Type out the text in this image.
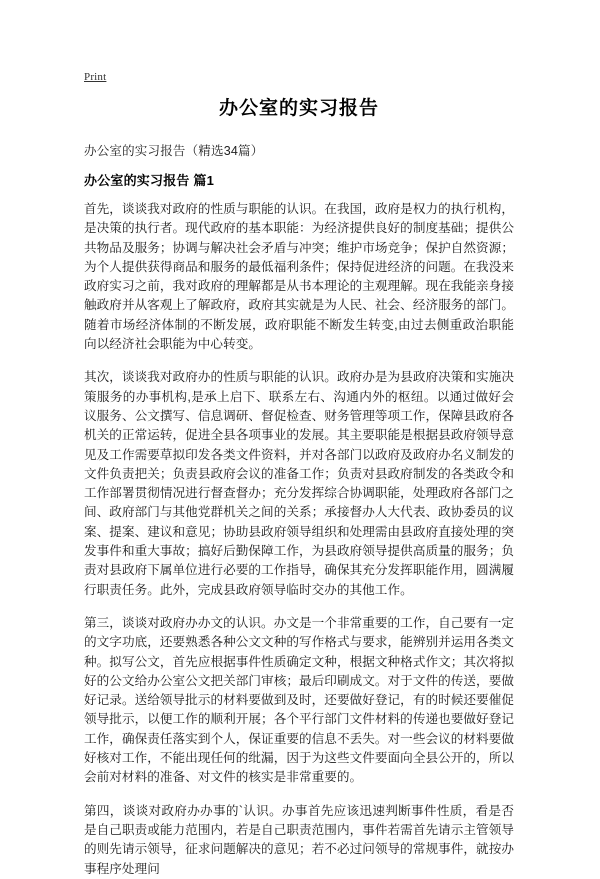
Print
办公室的实习报告

办公室的实习报告（精选34篇）

办公室的实习报告 篇1

首先，谈谈我对政府的性质与职能的认识。在我国，政府是权力的执行机构，是决策的执行者。现代政府的基本职能：为经济提供良好的制度基础；提供公共物品及服务；协调与解决社会矛盾与冲突；维护市场竞争；保护自然资源；为个人提供获得商品和服务的最低福利条件；保持促进经济的问题。在我没来政府实习之前，我对政府的理解都是从书本理论的主观理解。现在我能亲身接触政府并从客观上了解政府，政府其实就是为人民、社会、经济服务的部门。随着市场经济体制的不断发展，政府职能不断发生转变,由过去侧重政治职能向以经济社会职能为中心转变。

其次，谈谈我对政府办的性质与职能的认识。政府办是为县政府决策和实施决策服务的办事机构,是承上启下、联系左右、沟通内外的枢纽。以通过做好会议服务、公文撰写、信息调研、督促检查、财务管理等项工作，保障县政府各机关的正常运转，促进全县各项事业的发展。其主要职能是根据县政府领导意见及工作需要草拟印发各类文件资料，并对各部门以政府及政府办名义制发的文件负责把关；负责县政府会议的准备工作；负责对县政府制发的各类政令和工作部署贯彻情况进行督查督办；充分发挥综合协调职能，处理政府各部门之间、政府部门与其他党群机关之间的关系；承接督办人大代表、政协委员的议案、提案、建议和意见；协助县政府领导组织和处理需由县政府直接处理的突发事件和重大事故；搞好后勤保障工作，为县政府领导提供高质量的服务；负责对县政府下属单位进行必要的工作指导，确保其充分发挥职能作用，圆满履行职责任务。此外，完成县政府领导临时交办的其他工作。

第三，谈谈对政府办办文的认识。办文是一个非常重要的工作，自己要有一定的文字功底，还要熟悉各种公文文种的写作格式与要求，能辨别并运用各类文种。拟写公文，首先应根据事件性质确定文种，根据文种格式作文；其次将拟好的公文给办公室公文把关部门审核；最后印刷成文。对于文件的传送，要做好记录。送给领导批示的材料要做到及时，还要做好登记，有的时候还要催促领导批示，以便工作的顺利开展；各个平行部门文件材料的传递也要做好登记工作，确保责任落实到个人，保证重要的信息不丢失。对一些会议的材料要做好核对工作，不能出现任何的纰漏，因于为这些文件要面向全县公开的，所以会前对材料的准备、对文件的核实是非常重要的。

第四，谈谈对政府办办事的`认识。办事首先应该迅速判断事件性质，看是否是自己职责或能力范围内，若是自己职责范围内，事件若需首先请示主管领导的则先请示领导，征求问题解决的意见；若不必过问领导的常规事件，就按办事程序处理问
